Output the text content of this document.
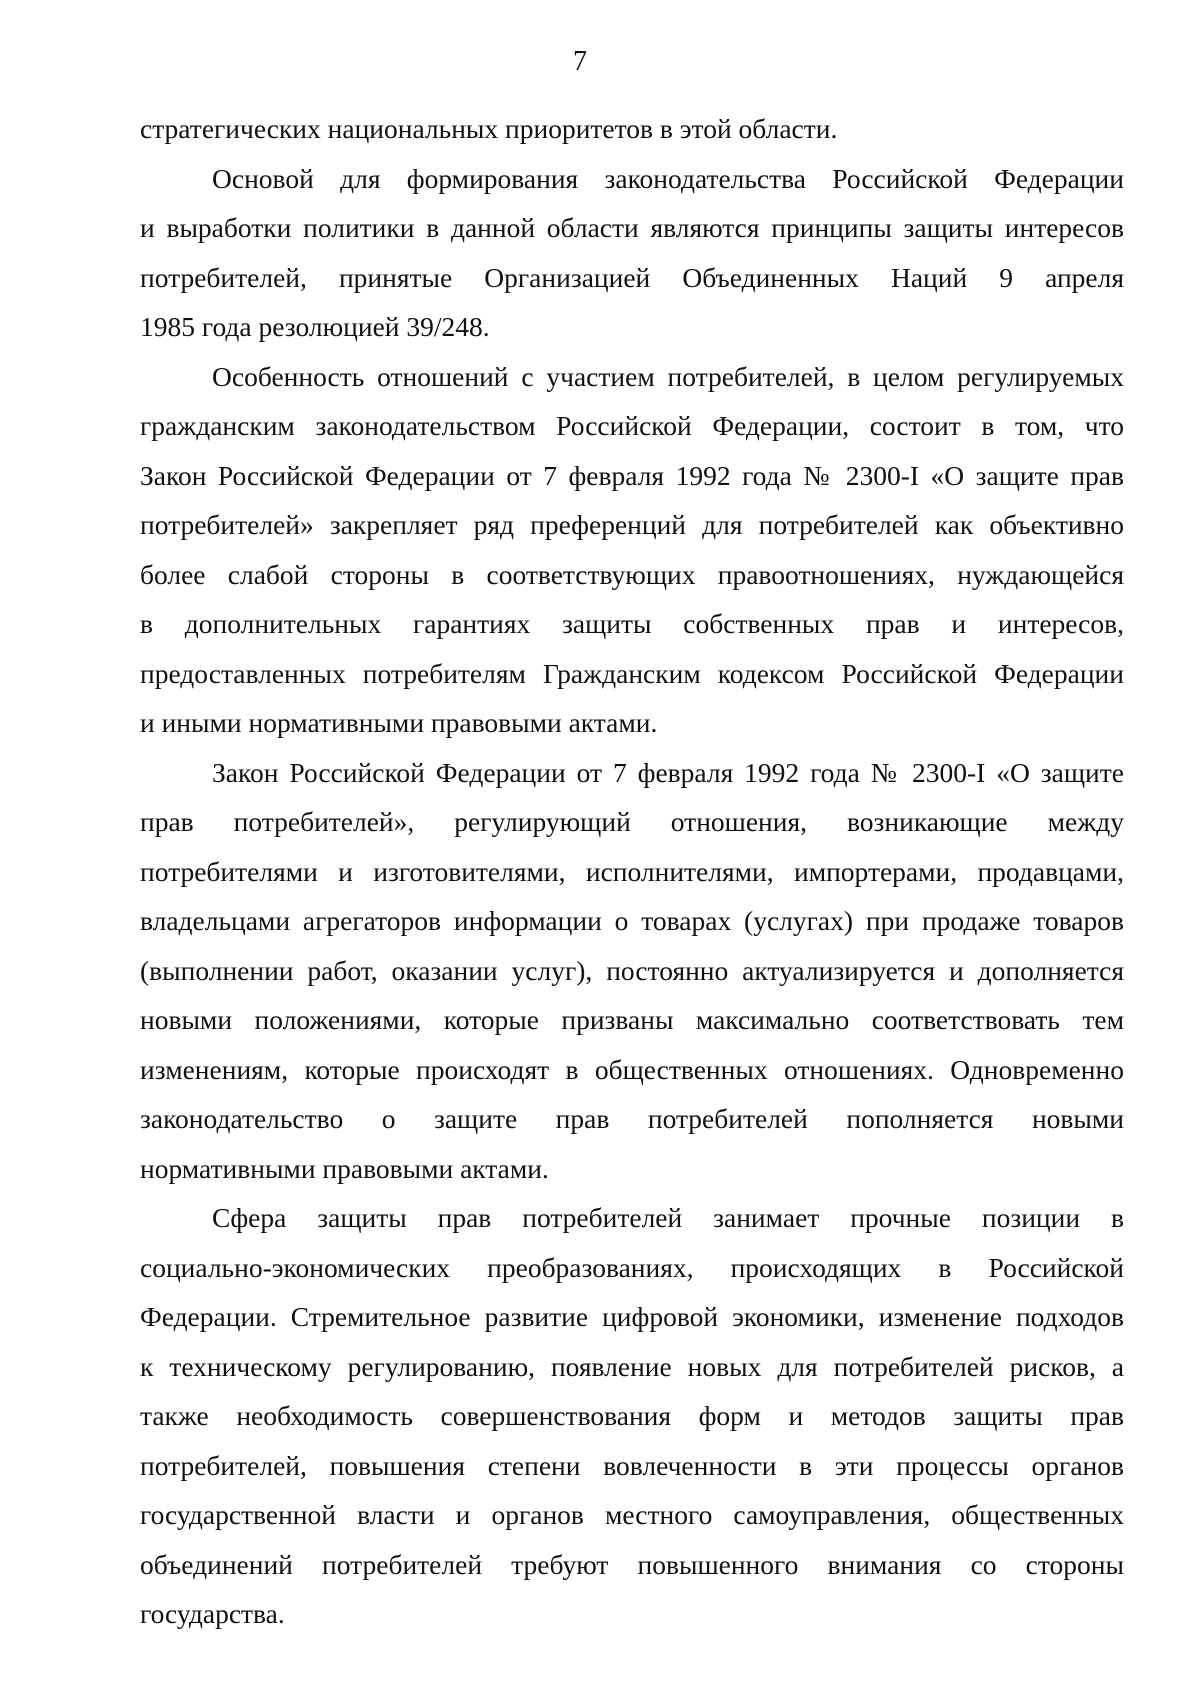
7
стратегических национальных приоритетов в этой области.
Основой для формирования законодательства Российской Федерации
и выработки политики в данной области являются принципы защиты интересов
потребителей, принятые Организацией Объединенных Наций 9 апреля
1985 года резолюцией 39/248.
Особенность отношений с участием потребителей, в целом регулируемых
гражданским законодательством Российской Федерации, состоит в том, что
Закон Российской Федерации от 7 февраля 1992 года № 2300-I «О защите прав
потребителей» закрепляет ряд преференций для потребителей как объективно
более слабой стороны в соответствующих правоотношениях, нуждающейся
в дополнительных гарантиях защиты собственных прав и интересов,
предоставленных потребителям Гражданским кодексом Российской Федерации
и иными нормативными правовыми актами.
Закон Российской Федерации от 7 февраля 1992 года № 2300-I «О защите
прав потребителей», регулирующий отношения, возникающие между
потребителями и изготовителями, исполнителями, импортерами, продавцами,
владельцами агрегаторов информации о товарах (услугах) при продаже товаров
(выполнении работ, оказании услуг), постоянно актуализируется и дополняется
новыми положениями, которые призваны максимально соответствовать тем
изменениям, которые происходят в общественных отношениях. Одновременно
законодательство о защите прав потребителей пополняется новыми
нормативными правовыми актами.
Сфера защиты прав потребителей занимает прочные позиции в
социально-экономических преобразованиях, происходящих в Российской
Федерации. Стремительное развитие цифровой экономики, изменение подходов
к техническому регулированию, появление новых для потребителей рисков, а
также необходимость совершенствования форм и методов защиты прав
потребителей, повышения степени вовлеченности в эти процессы органов
государственной власти и органов местного самоуправления, общественных
объединений потребителей требуют повышенного внимания со стороны
государства.
